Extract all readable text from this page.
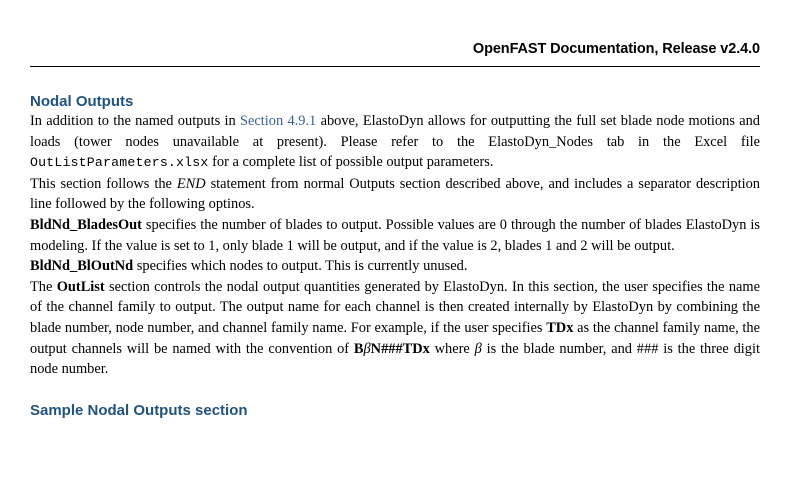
OpenFAST Documentation, Release v2.4.0
Nodal Outputs

In addition to the named outputs in Section 4.9.1 above, ElastoDyn allows for outputting the full set blade node motions and loads (tower nodes unavailable at present). Please refer to the ElastoDyn_Nodes tab in the Excel file OutListParameters.xlsx for a complete list of possible output parameters.

This section follows the END statement from normal Outputs section described above, and includes a separator description line followed by the following optinos.

BldNd_BladesOut specifies the number of blades to output. Possible values are 0 through the number of blades ElastoDyn is modeling. If the value is set to 1, only blade 1 will be output, and if the value is 2, blades 1 and 2 will be output.

BldNd_BlOutNd specifies which nodes to output. This is currently unused.

The OutList section controls the nodal output quantities generated by ElastoDyn. In this section, the user specifies the name of the channel family to output. The output name for each channel is then created internally by ElastoDyn by combining the blade number, node number, and channel family name. For example, if the user specifies TDx as the channel family name, the output channels will be named with the convention of BβN###TDx where β is the blade number, and ### is the three digit node number.

Sample Nodal Outputs section
